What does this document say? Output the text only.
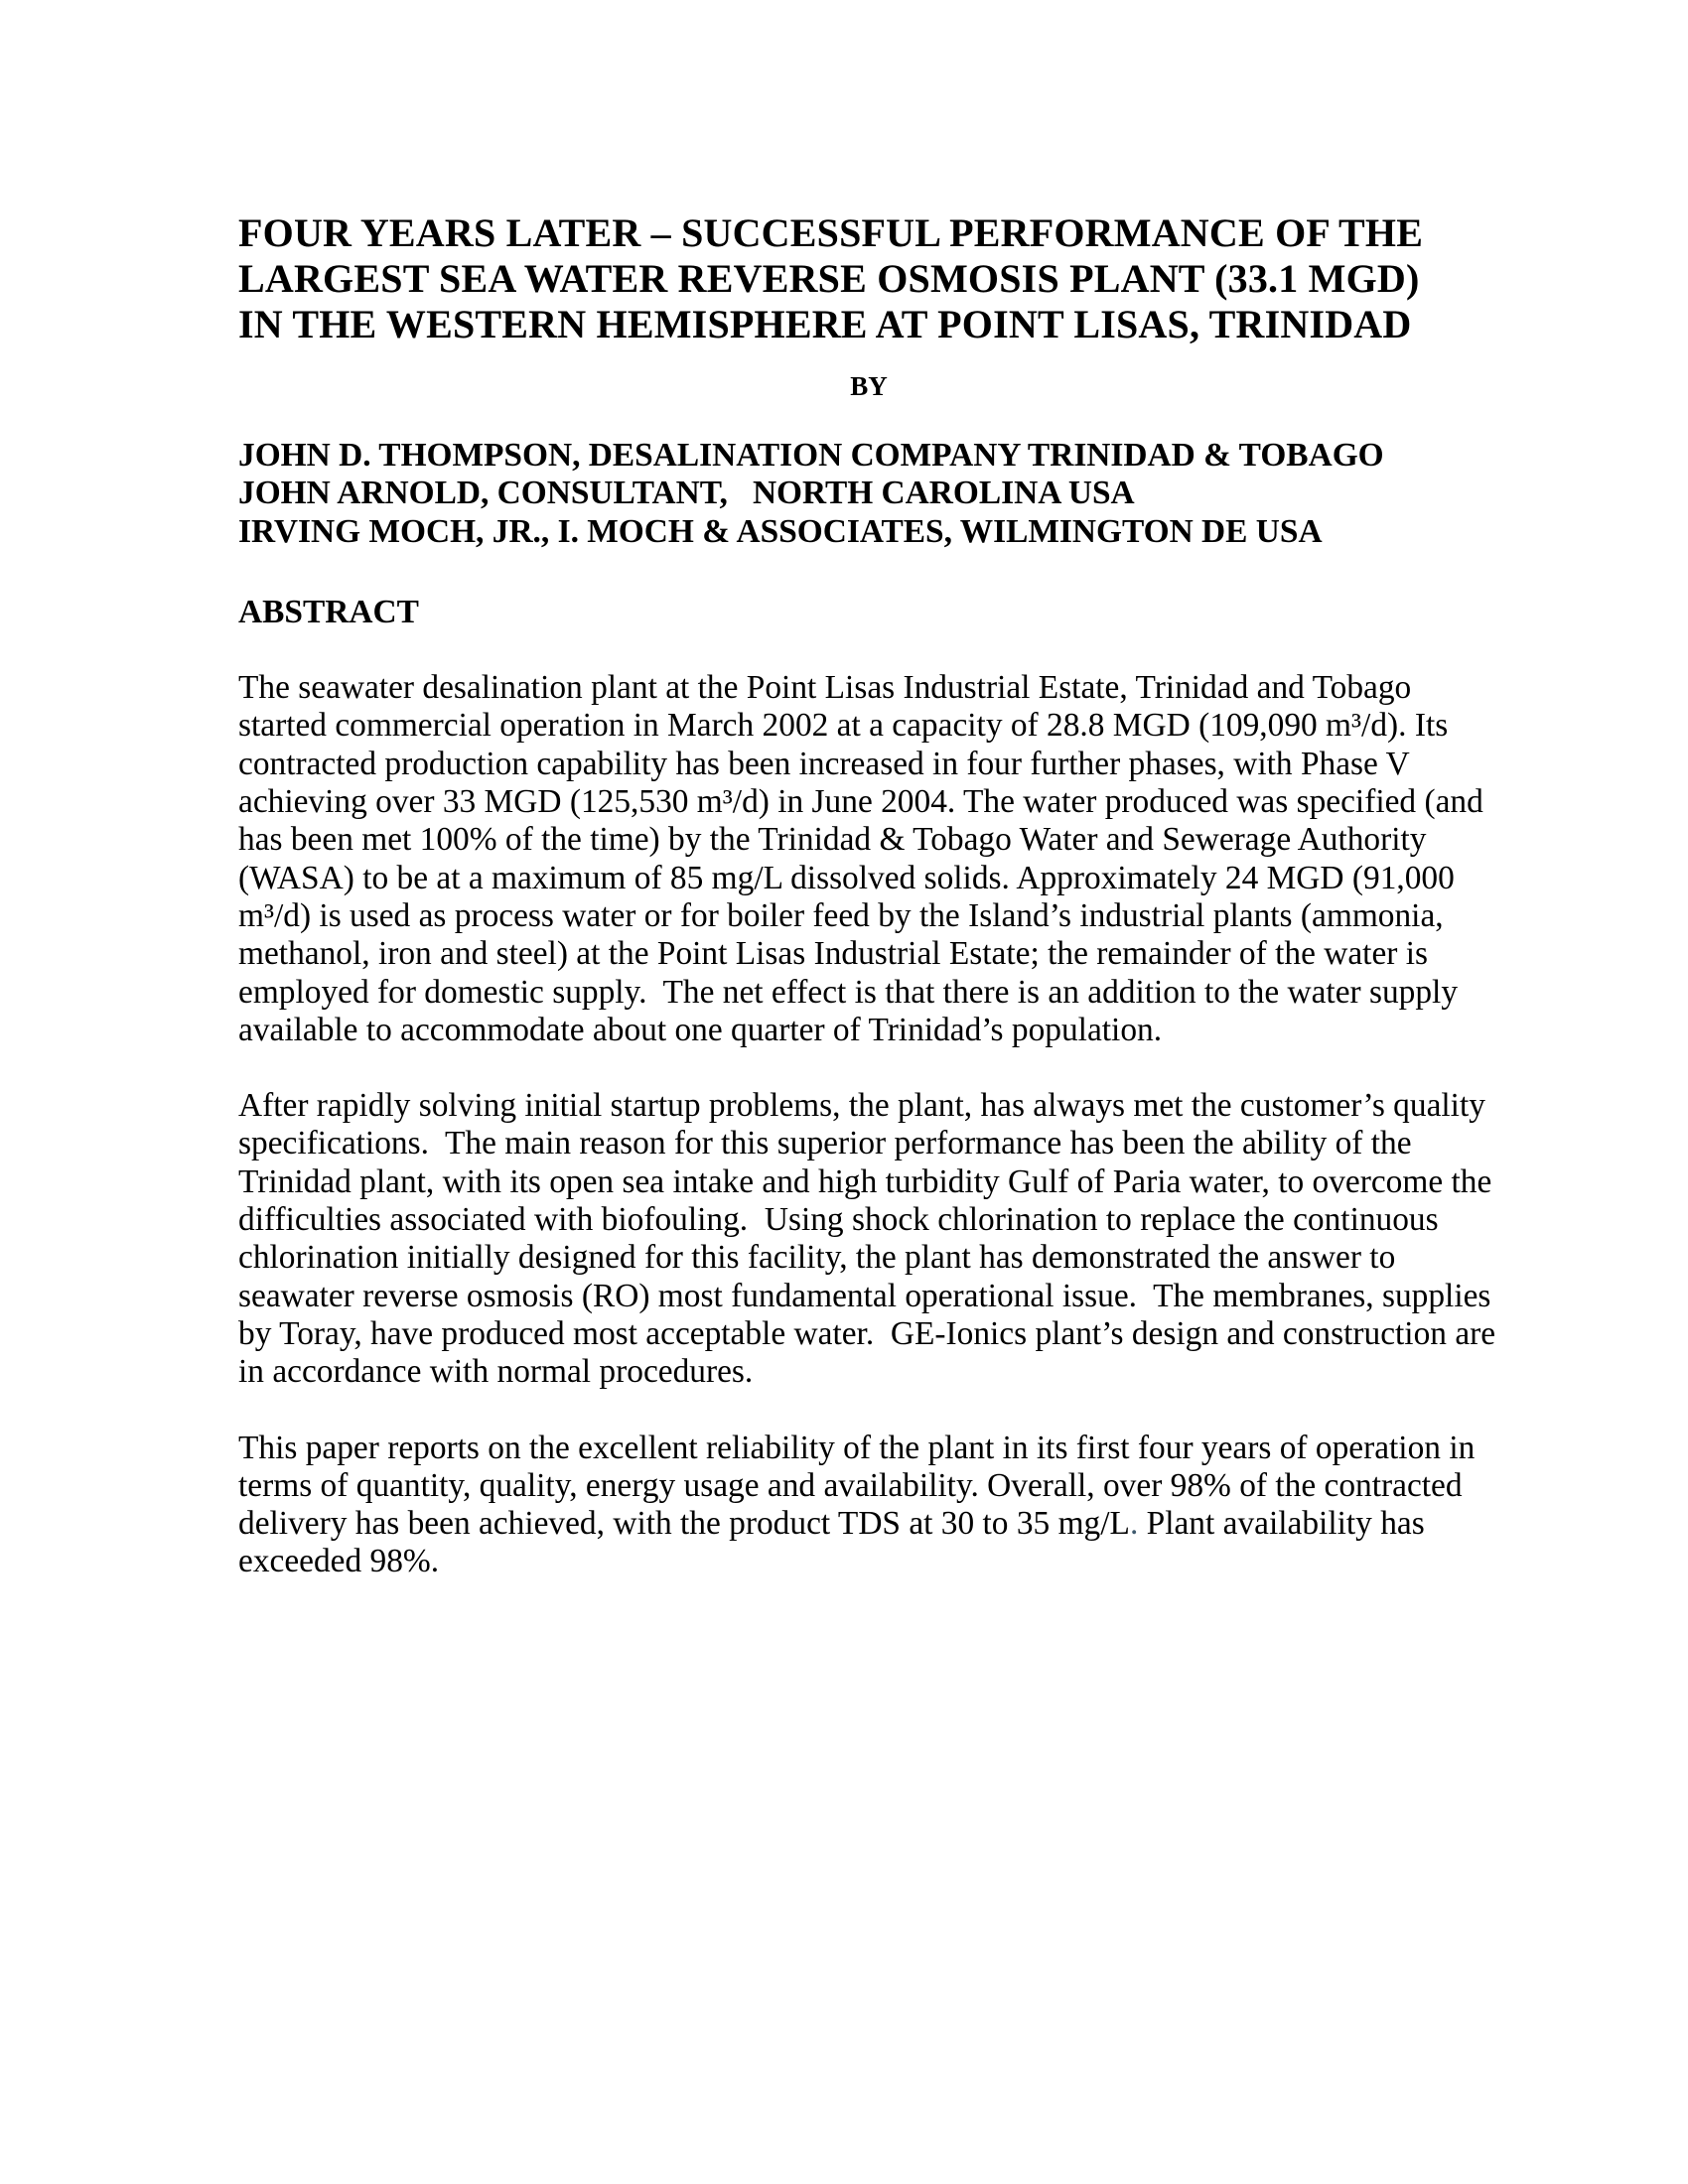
FOUR YEARS LATER – SUCCESSFUL PERFORMANCE OF THE
LARGEST SEA WATER REVERSE OSMOSIS PLANT (33.1 MGD)
IN THE WESTERN HEMISPHERE AT POINT LISAS, TRINIDAD
BY
JOHN D. THOMPSON, DESALINATION COMPANY TRINIDAD & TOBAGO
JOHN ARNOLD, CONSULTANT,   NORTH CAROLINA USA
IRVING MOCH, JR., I. MOCH & ASSOCIATES, WILMINGTON DE USA
ABSTRACT

The seawater desalination plant at the Point Lisas Industrial Estate, Trinidad and Tobago started commercial operation in March 2002 at a capacity of 28.8 MGD (109,090 m³/d). Its contracted production capability has been increased in four further phases, with Phase V achieving over 33 MGD (125,530 m³/d) in June 2004. The water produced was specified (and has been met 100% of the time) by the Trinidad & Tobago Water and Sewerage Authority (WASA) to be at a maximum of 85 mg/L dissolved solids. Approximately 24 MGD (91,000 m³/d) is used as process water or for boiler feed by the Island’s industrial plants (ammonia, methanol, iron and steel) at the Point Lisas Industrial Estate; the remainder of the water is employed for domestic supply.  The net effect is that there is an addition to the water supply available to accommodate about one quarter of Trinidad’s population.

After rapidly solving initial startup problems, the plant, has always met the customer’s quality specifications.  The main reason for this superior performance has been the ability of the Trinidad plant, with its open sea intake and high turbidity Gulf of Paria water, to overcome the difficulties associated with biofouling.  Using shock chlorination to replace the continuous chlorination initially designed for this facility, the plant has demonstrated the answer to seawater reverse osmosis (RO) most fundamental operational issue.  The membranes, supplies by Toray, have produced most acceptable water.  GE-Ionics plant’s design and construction are in accordance with normal procedures.

This paper reports on the excellent reliability of the plant in its first four years of operation in terms of quantity, quality, energy usage and availability. Overall, over 98% of the contracted delivery has been achieved, with the product TDS at 30 to 35 mg/L. Plant availability has exceeded 98%.
